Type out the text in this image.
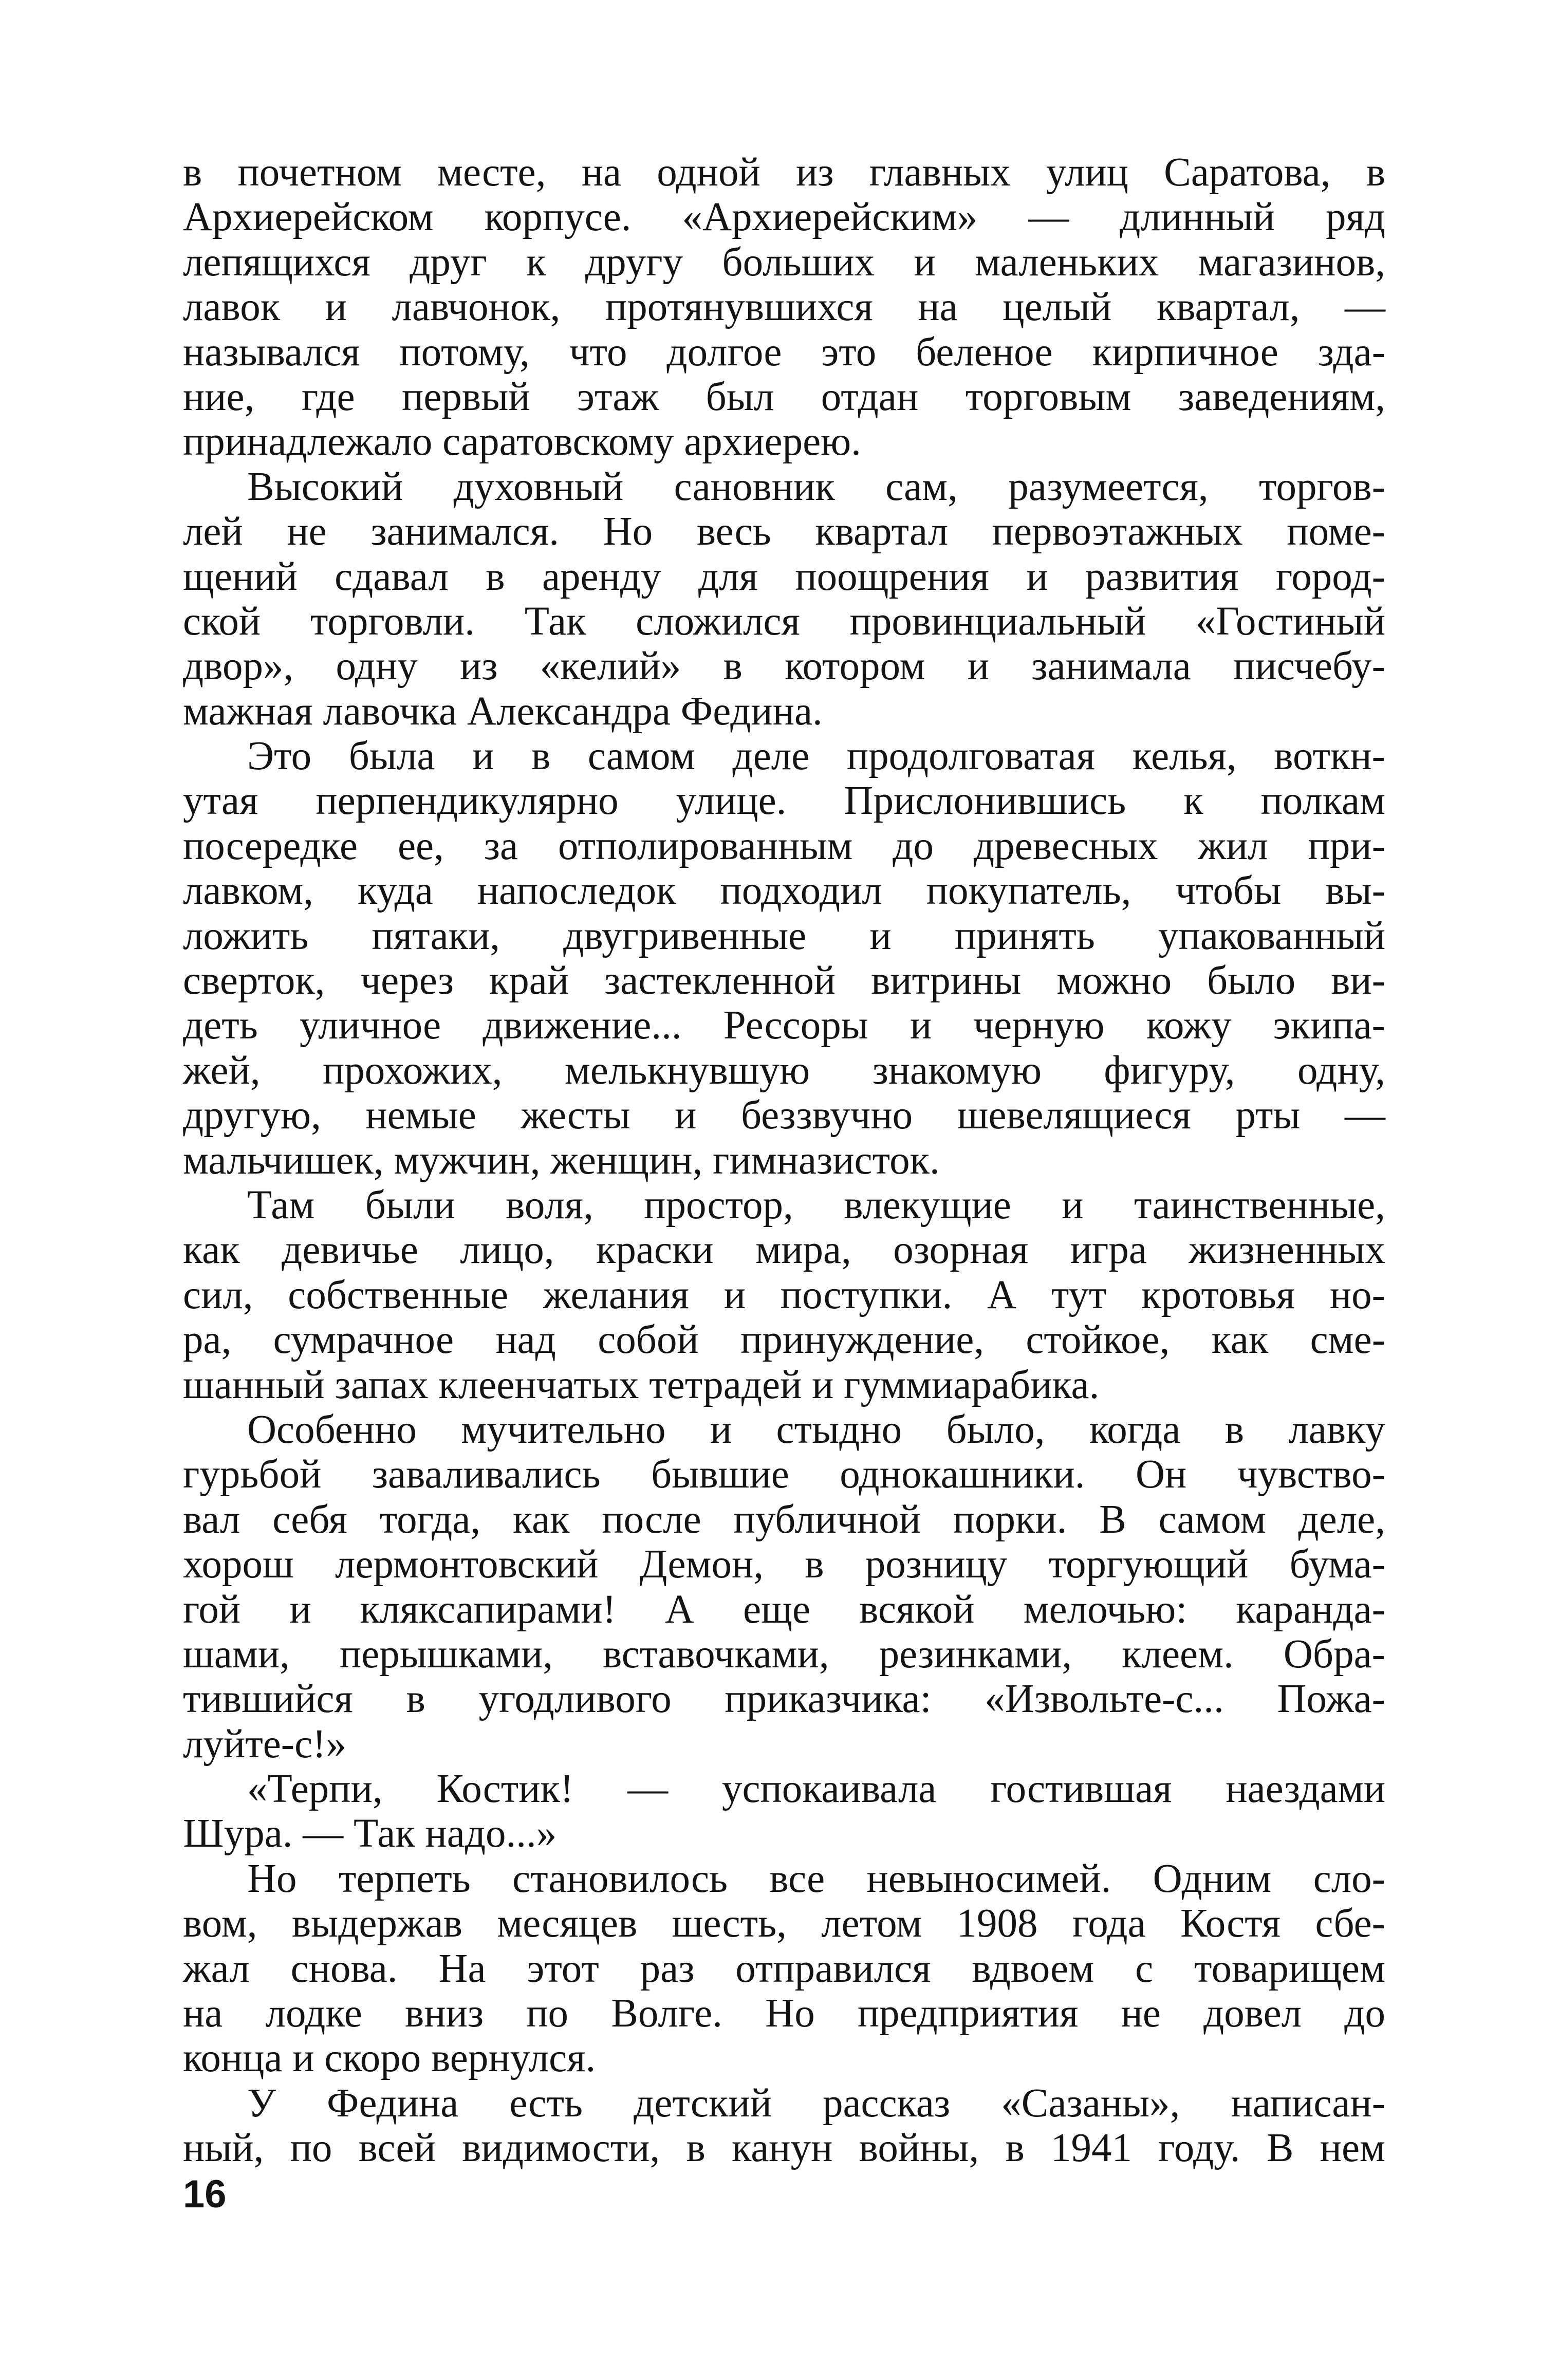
в почетном месте, на одной из главных улиц Саратова, в
Архиерейском корпусе. «Архиерейским» — длинный ряд
лепящихся друг к другу больших и маленьких магазинов,
лавок и лавчонок, протянувшихся на целый квартал, —
назывался потому, что долгое это беленое кирпичное зда-
ние, где первый этаж был отдан торговым заведениям,
принадлежало саратовскому архиерею.
Высокий духовный сановник сам, разумеется, торгов-
лей не занимался. Но весь квартал первоэтажных поме-
щений сдавал в аренду для поощрения и развития город-
ской торговли. Так сложился провинциальный «Гостиный
двор», одну из «келий» в котором и занимала писчебу-
мажная лавочка Александра Федина.
Это была и в самом деле продолговатая келья, воткн-
утая перпендикулярно улице. Прислонившись к полкам
посередке ее, за отполированным до древесных жил при-
лавком, куда напоследок подходил покупатель, чтобы вы-
ложить пятаки, двугривенные и принять упакованный
сверток, через край застекленной витрины можно было ви-
деть уличное движение... Рессоры и черную кожу экипа-
жей, прохожих, мелькнувшую знакомую фигуру, одну,
другую, немые жесты и беззвучно шевелящиеся рты —
мальчишек, мужчин, женщин, гимназисток.
Там были воля, простор, влекущие и таинственные,
как девичье лицо, краски мира, озорная игра жизненных
сил, собственные желания и поступки. А тут кротовья но-
ра, сумрачное над собой принуждение, стойкое, как сме-
шанный запах клеенчатых тетрадей и гуммиарабика.
Особенно мучительно и стыдно было, когда в лавку
гурьбой заваливались бывшие однокашники. Он чувство-
вал себя тогда, как после публичной порки. В самом деле,
хорош лермонтовский Демон, в розницу торгующий бума-
гой и кляксапирами! А еще всякой мелочью: каранда-
шами, перышками, вставочками, резинками, клеем. Обра-
тившийся в угодливого приказчика: «Извольте-с... Пожа-
луйте-с!»
«Терпи, Костик! — успокаивала гостившая наездами
Шура. — Так надо...»
Но терпеть становилось все невыносимей. Одним сло-
вом, выдержав месяцев шесть, летом 1908 года Костя сбе-
жал снова. На этот раз отправился вдвоем с товарищем
на лодке вниз по Волге. Но предприятия не довел до
конца и скоро вернулся.
У Федина есть детский рассказ «Сазаны», написан-
ный, по всей видимости, в канун войны, в 1941 году. В нем
16
